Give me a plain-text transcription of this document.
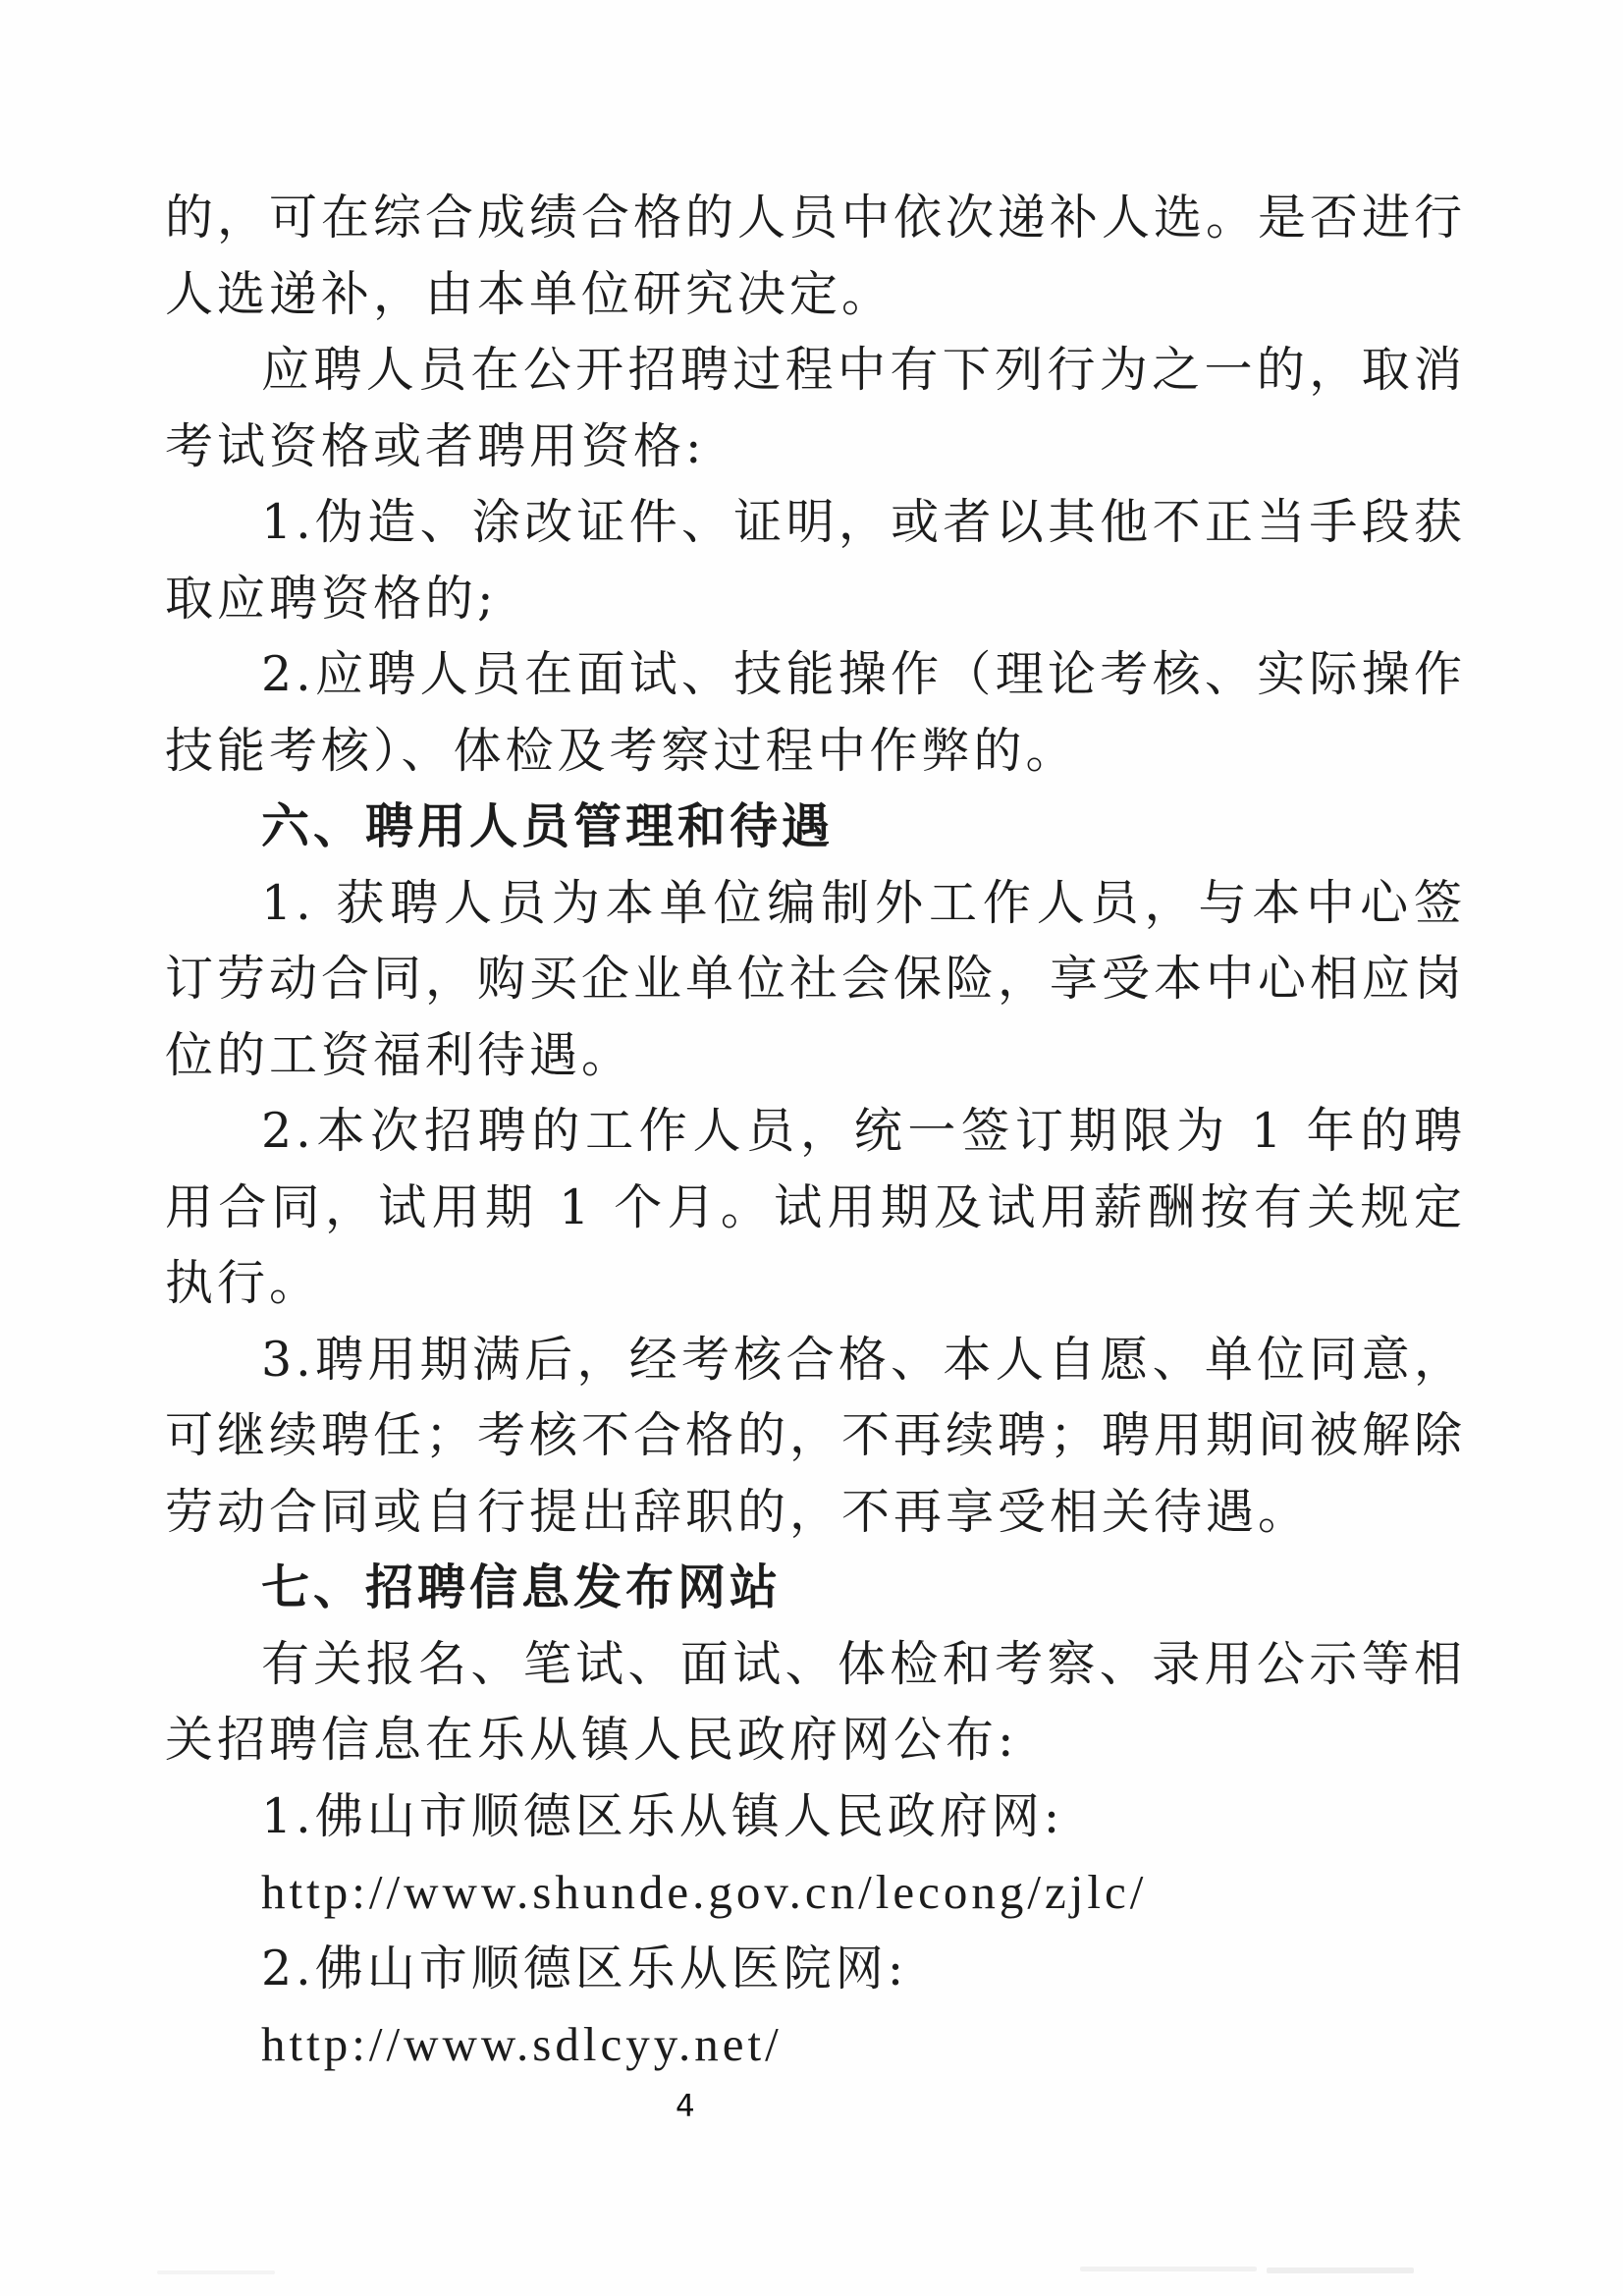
的，可在综合成绩合格的人员中依次递补人选。是否进行人选递补，由本单位研究决定。

应聘人员在公开招聘过程中有下列行为之一的，取消考试资格或者聘用资格:

1.伪造、涂改证件、证明，或者以其他不正当手段获取应聘资格的;

2.应聘人员在面试、技能操作（理论考核、实际操作技能考核）、体检及考察过程中作弊的。

六、聘用人员管理和待遇

1. 获聘人员为本单位编制外工作人员，与本中心签订劳动合同，购买企业单位社会保险，享受本中心相应岗位的工资福利待遇。

2.本次招聘的工作人员，统一签订期限为 1 年的聘用合同，试用期 1 个月。试用期及试用薪酬按有关规定执行。

3.聘用期满后，经考核合格、本人自愿、单位同意，可继续聘任；考核不合格的，不再续聘；聘用期间被解除劳动合同或自行提出辞职的，不再享受相关待遇。

七、招聘信息发布网站

有关报名、笔试、面试、体检和考察、录用公示等相关招聘信息在乐从镇人民政府网公布:

1.佛山市顺德区乐从镇人民政府网:

http://www.shunde.gov.cn/lecong/zjlc/

2.佛山市顺德区乐从医院网:

http://www.sdlcyy.net/

4
